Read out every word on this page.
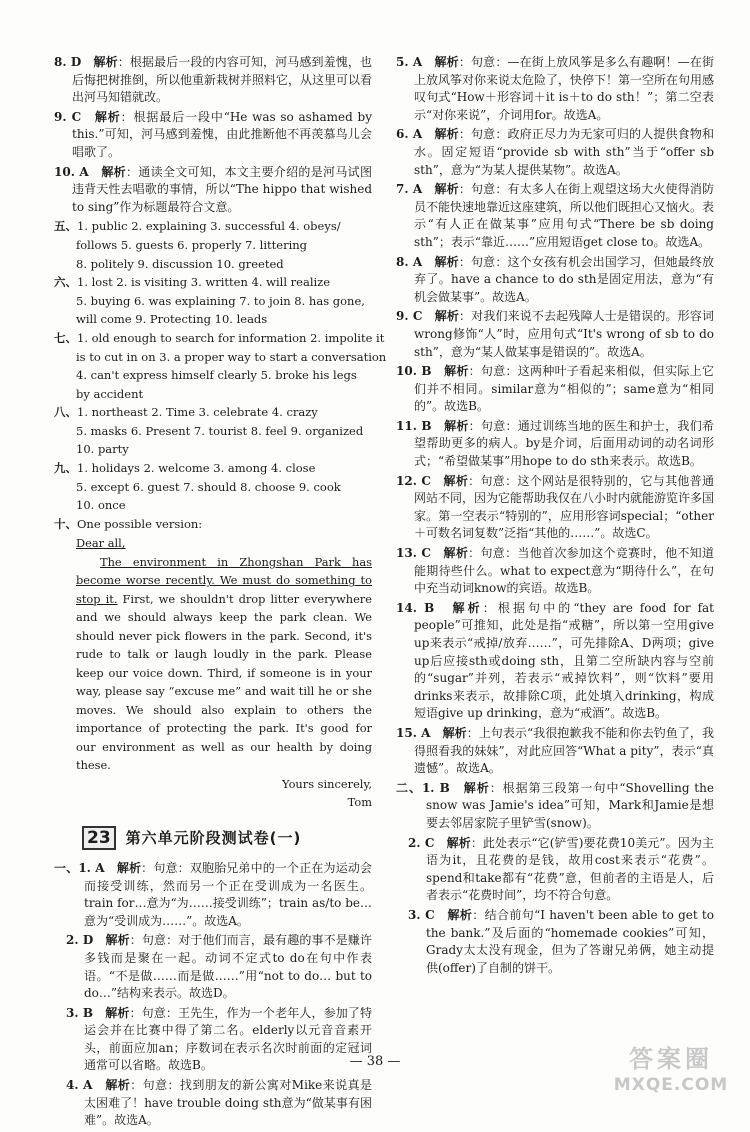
8. D　 解析：根据最后一段的内容可知，河马感到羞愧，也后悔把树推倒，所以他重新栽树并照料它，从这里可以看出河马知错就改。
9. C　 解析：根据最后一段中“He was so ashamed by this.”可知，河马感到羞愧，由此推断他不再羡慕鸟儿会唱歌了。
10. A　 解析：通读全文可知，本文主要介绍的是河马试图违背天性去唱歌的事情，所以“The hippo that wished to sing”作为标题最符合文意。
五、1. public 2. explaining 3. successful 4. obeys/
follows 5. guests 6. properly 7. littering
8. politely 9. discussion 10. greeted
六、1. lost 2. is visiting 3. written 4. will realize
5. buying 6. was explaining 7. to join 8. has gone,
will come 9. Protecting 10. leads
七、1. old enough to search for information 2. impolite it
is to cut in on 3. a proper way to start a conversation
4. can't express himself clearly 5. broke his legs
by accident
八、1. northeast 2. Time 3. celebrate 4. crazy
5. masks 6. Present 7. tourist 8. feel 9. organized
10. party
九、1. holidays 2. welcome 3. among 4. close
5. except 6. guest 7. should 8. choose 9. cook
10. once
十、One possible version:
Dear all,
The environment in Zhongshan Park has become worse recently. We must do something to stop it. First, we shouldn't drop litter everywhere and we should always keep the park clean. We should never pick flowers in the park. Second, it's rude to talk or laugh loudly in the park. Please keep our voice down. Third, if someone is in your way, please say “excuse me” and wait till he or she moves. We should also explain to others the importance of protecting the park. It's good for our environment as well as our health by doing these.
Yours sincerely,
Tom
23	第六单元阶段测试卷(一)
一、1. A　 解析：句意：双胞胎兄弟中的一个正在为运动会而接受训练，然而另一个正在受训成为一名医生。train for…意为“为……接受训练”；train as/to be…意为“受训成为……”。故选A。
2. D　 解析：句意：对于他们而言，最有趣的事不是赚许多钱而是聚在一起。动词不定式to do在句中作表语。“不是做……而是做……”用“not to do… but to do…”结构来表示。故选D。
3. B　 解析：句意：王先生，作为一个老年人，参加了特运会并在比赛中得了第二名。elderly以元音音素开头，前面应加an；序数词在表示名次时前面的定冠词通常可以省略。故选B。
4. A　 解析：句意：找到朋友的新公寓对Mike来说真是太困难了！have trouble doing sth意为“做某事有困难”。故选A。
5. A　 解析：句意：—在街上放风筝是多么有趣啊！—在街上放风筝对你来说太危险了，快停下！第一空所在句用感叹句式“How＋形容词＋it is＋to do sth！”；第二空表示“对你来说”，介词用for。故选A。
6. A　 解析：句意：政府正尽力为无家可归的人提供食物和水。固定短语“provide sb with sth”当于“offer sb sth”，意为“为某人提供某物”。故选A。
7. A　 解析：句意：有太多人在街上观望这场大火使得消防员不能快速地靠近这座建筑，所以他们既担心又恼火。表示“有人正在做某事”应用句式“There be sb doing sth”；表示“靠近……”应用短语get close to。故选A。
8. A　 解析：句意：这个女孩有机会出国学习，但她最终放弃了。have a chance to do sth是固定用法，意为“有机会做某事”。故选A。
9. C　 解析：对我们来说不去起残障人士是错误的。形容词wrong修饰“人”时，应用句式“It's wrong of sb to do sth”，意为“某人做某事是错误的”。故选A。
10. B　 解析：句意：这两种叶子看起来相似，但实际上它们并不相同。similar意为“相似的”；same意为“相同的”。故选B。
11. B　 解析：句意：通过训练当地的医生和护士，我们希望帮助更多的病人。by是介词，后面用动词的动名词形式；“希望做某事”用hope to do sth来表示。故选B。
12. C　 解析：句意：这个网站是很特别的，它与其他普通网站不同，因为它能帮助我仅在八小时内就能游览许多国家。第一空表示“特别的”，应用形容词special；“other＋可数名词复数”泛指“其他的……”。故选C。
13. C　 解析：句意：当他首次参加这个竞赛时，他不知道能期待些什么。what to expect意为“期待什么”，在句中充当动词know的宾语。故选B。
14. B　 解析：根据句中的“they are food for fat people”可推知，此处是指“戒糖”，所以第一空用give up来表示“戒掉/放弃……”，可先排除A、D两项；give up后应接sth或doing sth，且第二空所缺内容与空前的“sugar”并列，若表示“戒掉饮料”，则“饮料”要用drinks来表示，故排除C项，此处填入drinking，构成短语give up drinking，意为“戒酒”。故选B。
15. A　 解析：上句表示“我很抱歉我不能和你去钓鱼了，我得照看我的妹妹”，对此应回答“What a pity”，表示“真遗憾”。故选A。
二、1. B　 解析：根据第三段第一句中“Shovelling the snow was Jamie's idea”可知，Mark和Jamie是想要去邻居家院子里铲雪(snow)。
2. C　 解析：此处表示“它(铲雪)要花费10美元”。因为主语为it，且花费的是钱，故用cost来表示“花费”。spend和take都有“花费”意，但前者的主语是人，后者表示“花费时间”，均不符合句意。
3. C　 解析：结合前句“I haven't been able to get to the bank.”及后面的“homemade cookies”可知，Grady太太没有现金，但为了答谢兄弟俩，她主动提供(offer)了自制的饼干。
— 38 —	答案圈
MXQE.COM
